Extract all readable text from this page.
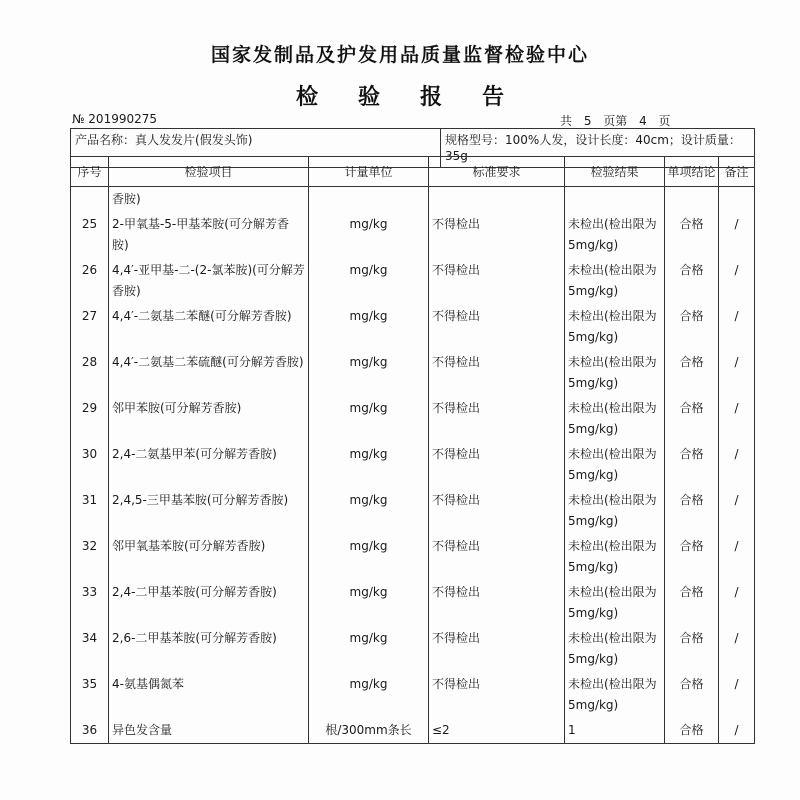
国家发制品及护发用品质量监督检验中心
检验报告
№ 201990275	共 5 页第 4 页
产品名称：真人发发片(假发头饰)	规格型号：100%人发，设计长度：40cm；设计质量：35g
序号	检验项目	计量单位	标准要求	检验结果	单项结论	备注
	香胺)					
25	2-甲氧基-5-甲基苯胺(可分解芳香胺)	mg/kg	不得检出	未检出(检出限为5mg/kg)	合格	/
26	4,4′-亚甲基-二-(2-氯苯胺)(可分解芳香胺)	mg/kg	不得检出	未检出(检出限为5mg/kg)	合格	/
27	4,4′-二氨基二苯醚(可分解芳香胺)	mg/kg	不得检出	未检出(检出限为5mg/kg)	合格	/
28	4,4′-二氨基二苯硫醚(可分解芳香胺)	mg/kg	不得检出	未检出(检出限为5mg/kg)	合格	/
29	邻甲苯胺(可分解芳香胺)	mg/kg	不得检出	未检出(检出限为5mg/kg)	合格	/
30	2,4-二氨基甲苯(可分解芳香胺)	mg/kg	不得检出	未检出(检出限为5mg/kg)	合格	/
31	2,4,5-三甲基苯胺(可分解芳香胺)	mg/kg	不得检出	未检出(检出限为5mg/kg)	合格	/
32	邻甲氧基苯胺(可分解芳香胺)	mg/kg	不得检出	未检出(检出限为5mg/kg)	合格	/
33	2,4-二甲基苯胺(可分解芳香胺)	mg/kg	不得检出	未检出(检出限为5mg/kg)	合格	/
34	2,6-二甲基苯胺(可分解芳香胺)	mg/kg	不得检出	未检出(检出限为5mg/kg)	合格	/
35	4-氨基偶氮苯	mg/kg	不得检出	未检出(检出限为5mg/kg)	合格	/
36	异色发含量	根/300mm条长	≤2	1	合格	/
